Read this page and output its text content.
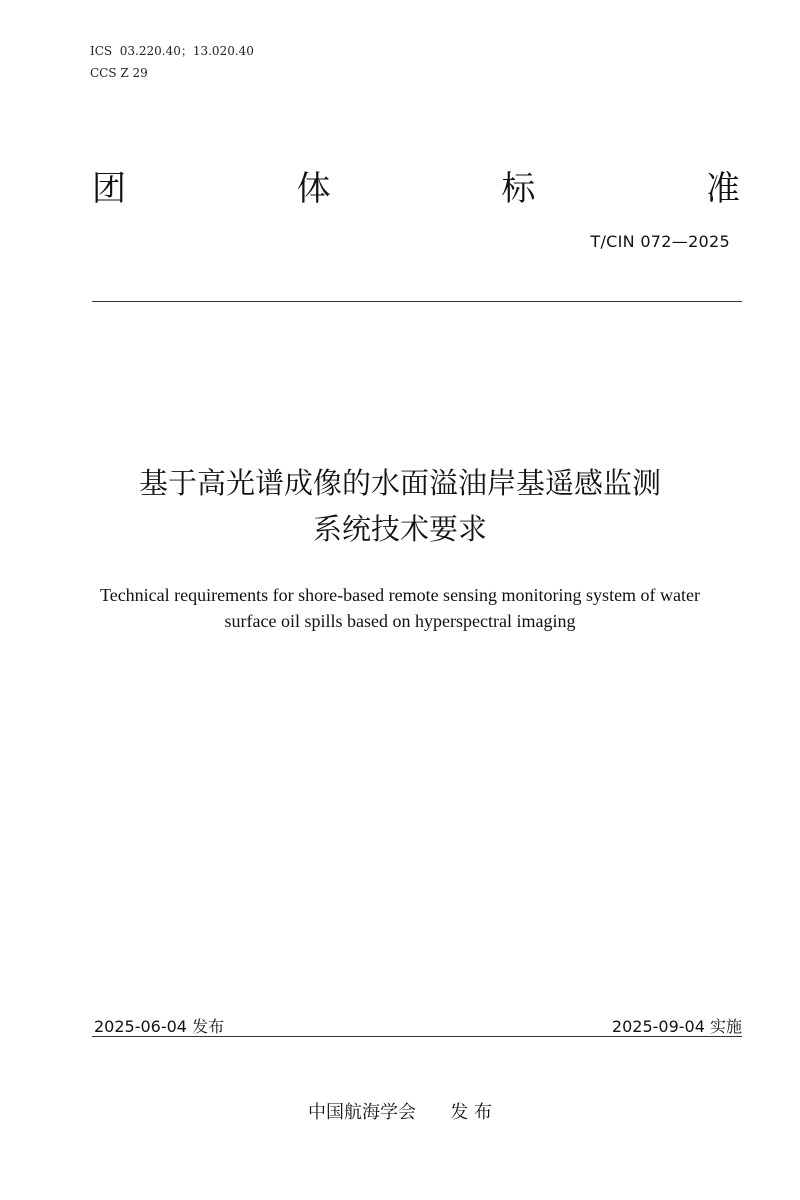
ICS  03.220.40；13.020.40
CCS Z 29
团	体	标	准
T/CIN 072—2025
基于高光谱成像的水面溢油岸基遥感监测
系统技术要求
Technical requirements for shore-based remote sensing monitoring system of water
surface oil spills based on hyperspectral imaging
2025-06-04 发布	2025-09-04 实施
中国航海学会 发 布
